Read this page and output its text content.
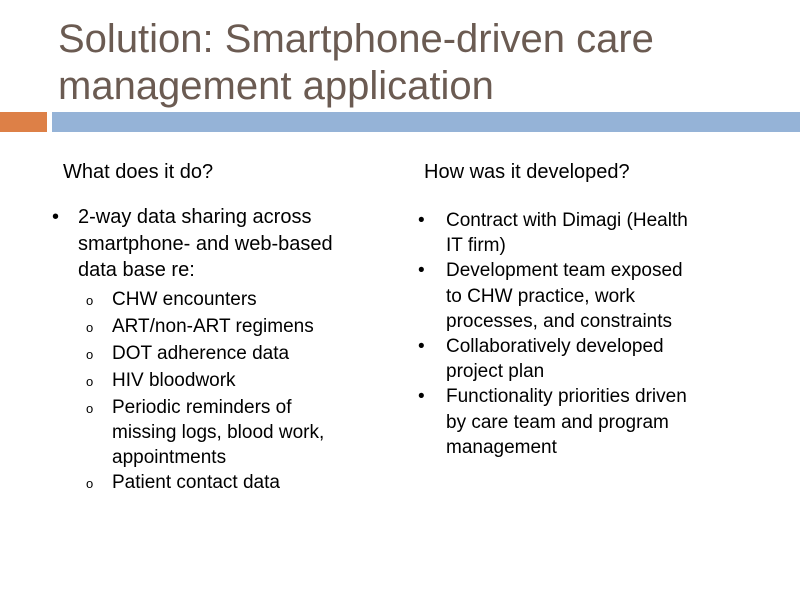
Solution: Smartphone-driven care
management application
What does it do?	How was it developed?
• 2-way data sharing across
smartphone- and web-based
data base re:
o CHW encounters
o ART/non-ART regimens
o DOT adherence data
o HIV bloodwork
o Periodic reminders of
missing logs, blood work,
appointments
o Patient contact data
•	Contract with Dimagi (Health
IT firm)
•	Development team exposed
to CHW practice, work
processes, and constraints
•	Collaboratively developed
project plan
•	Functionality priorities driven
by care team and program
management
